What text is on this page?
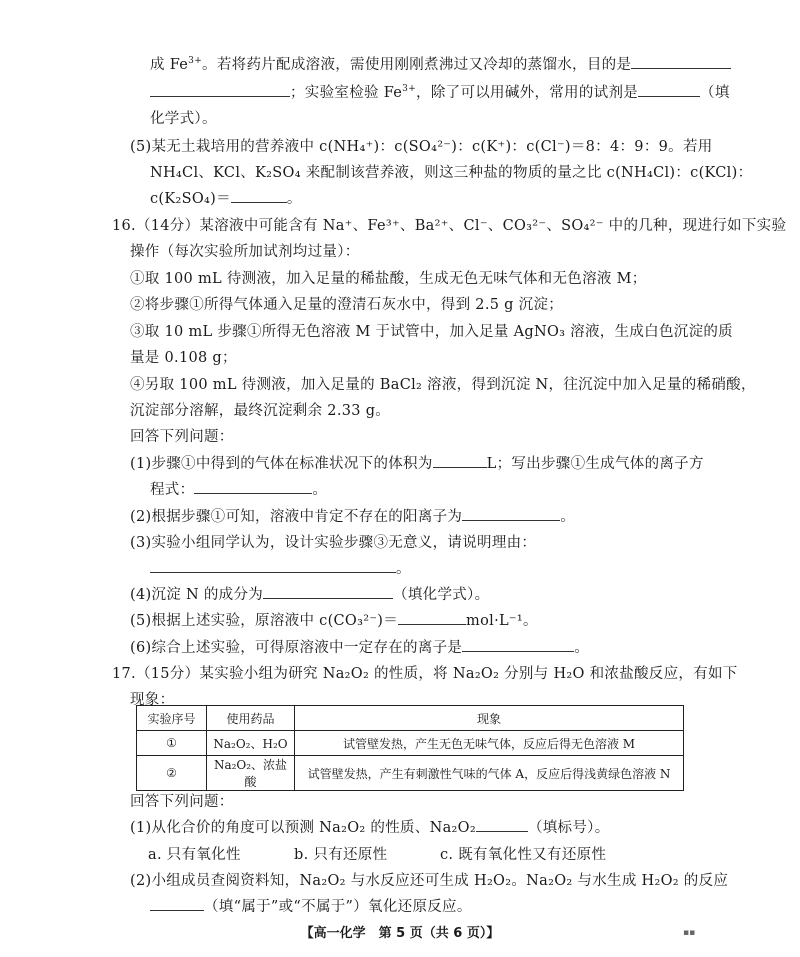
成 $Fe^{3+}$。若将药片配成溶液，需使用刚刚煮沸过又冷却的蒸馏水，目的是
；实验室检验 $Fe^{3+}$，除了可以用碱外，常用的试剂是	（填
化学式）。
(5)某无土栽培用的营养液中 c(NH₄⁺)：c(SO₄²⁻)：c(K⁺)：c(Cl⁻)＝8：4：9：9。若用
NH₄Cl、KCl、K₂SO₄ 来配制该营养液，则这三种盐的物质的量之比 c(NH₄Cl)：c(KCl)：
c(K₂SO₄)＝	。
16.（14分）某溶液中可能含有 Na⁺、Fe³⁺、Ba²⁺、Cl⁻、CO₃²⁻、SO₄²⁻ 中的几种，现进行如下实验
操作（每次实验所加试剂均过量）：
①取 100 mL 待测液，加入足量的稀盐酸，生成无色无味气体和无色溶液 M；
②将步骤①所得气体通入足量的澄清石灰水中，得到 2.5 g 沉淀；
③取 10 mL 步骤①所得无色溶液 M 于试管中，加入足量 AgNO₃ 溶液，生成白色沉淀的质
量是 0.108 g；
④另取 100 mL 待测液，加入足量的 BaCl₂ 溶液，得到沉淀 N，往沉淀中加入足量的稀硝酸，
沉淀部分溶解，最终沉淀剩余 2.33 g。
回答下列问题：
(1)步骤①中得到的气体在标准状况下的体积为	L；写出步骤①生成气体的离子方
程式：	。
(2)根据步骤①可知，溶液中肯定不存在的阳离子为	。
(3)实验小组同学认为，设计实验步骤③无意义，请说明理由：
。
(4)沉淀 N 的成分为	（填化学式）。
(5)根据上述实验，原溶液中 c(CO₃²⁻)＝	mol·L⁻¹。
(6)综合上述实验，可得原溶液中一定存在的离子是	。
17.（15分）某实验小组为研究 Na₂O₂ 的性质，将 Na₂O₂ 分别与 H₂O 和浓盐酸反应，有如下
现象：
实验序号	使用药品	现象
①	Na₂O₂、H₂O	试管壁发热，产生无色无味气体，反应后得无色溶液 M
②	Na₂O₂、浓盐酸	试管壁发热，产生有刺激性气味的气体 A，反应后得浅黄绿色溶液 N
回答下列问题：
(1)从化合价的角度可以预测 Na₂O₂ 的性质、Na₂O₂	（填标号）。
a. 只有氧化性	b. 只有还原性	c. 既有氧化性又有还原性
(2)小组成员查阅资料知，Na₂O₂ 与水反应还可生成 H₂O₂。Na₂O₂ 与水生成 H₂O₂ 的反应
（填“属于”或“不属于”）氧化还原反应。
【高一化学　第 5 页（共 6 页）】	▪▪
